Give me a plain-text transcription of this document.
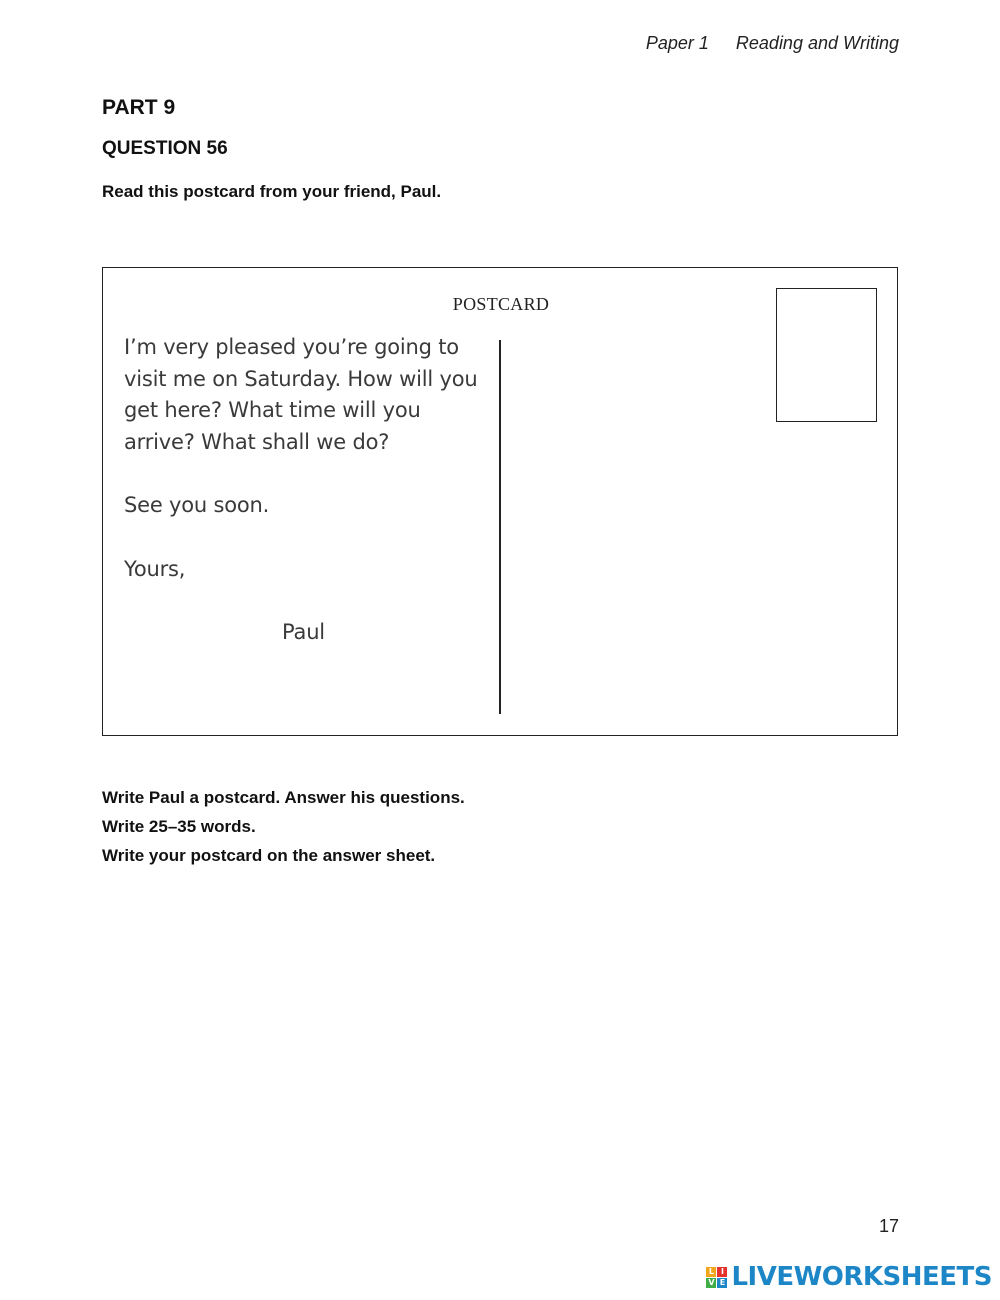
Paper 1 Reading and Writing
PART 9
QUESTION 56
Read this postcard from your friend, Paul.
POSTCARD

I’m very pleased you’re going to

visit me on Saturday. How will you

get here? What time will you

arrive? What shall we do?

See you soon.

Yours,

Paul

Write Paul a postcard. Answer his questions.
Write 25–35 words.
Write your postcard on the answer sheet.
17
L I
V E LIVEWORKSHEETS
